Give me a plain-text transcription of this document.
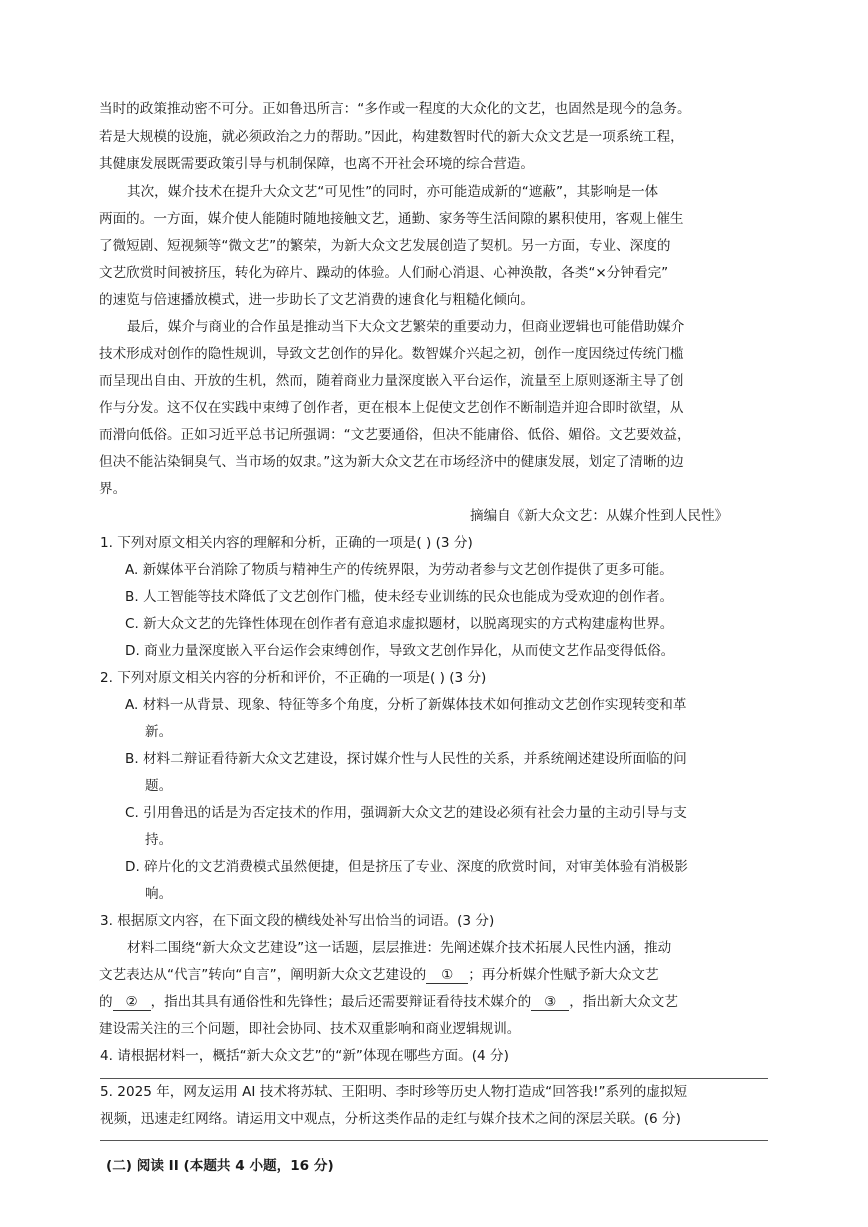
当时的政策推动密不可分。正如鲁迅所言：“多作或一程度的大众化的文艺，也固然是现今的急务。
若是大规模的设施，就必须政治之力的帮助。”因此，构建数智时代的新大众文艺是一项系统工程，
其健康发展既需要政策引导与机制保障，也离不开社会环境的综合营造。
其次，媒介技术在提升大众文艺“可见性”的同时，亦可能造成新的“遮蔽”，其影响是一体
两面的。一方面，媒介使人能随时随地接触文艺，通勤、家务等生活间隙的累积使用，客观上催生
了微短剧、短视频等“微文艺”的繁荣，为新大众文艺发展创造了契机。另一方面，专业、深度的
文艺欣赏时间被挤压，转化为碎片、躁动的体验。人们耐心消退、心神涣散，各类“×分钟看完”
的速览与倍速播放模式，进一步助长了文艺消费的速食化与粗糙化倾向。
最后，媒介与商业的合作虽是推动当下大众文艺繁荣的重要动力，但商业逻辑也可能借助媒介
技术形成对创作的隐性规训，导致文艺创作的异化。数智媒介兴起之初，创作一度因绕过传统门槛
而呈现出自由、开放的生机，然而，随着商业力量深度嵌入平台运作，流量至上原则逐渐主导了创
作与分发。这不仅在实践中束缚了创作者，更在根本上促使文艺创作不断制造并迎合即时欲望，从
而滑向低俗。正如习近平总书记所强调：“文艺要通俗，但决不能庸俗、低俗、媚俗。文艺要效益，
但决不能沾染铜臭气、当市场的奴隶。”这为新大众文艺在市场经济中的健康发展，划定了清晰的边
界。
摘编自《新大众文艺：从媒介性到人民性》
1. 下列对原文相关内容的理解和分析，正确的一项是( ) (3 分)
A. 新媒体平台消除了物质与精神生产的传统界限，为劳动者参与文艺创作提供了更多可能。
B. 人工智能等技术降低了文艺创作门槛，使未经专业训练的民众也能成为受欢迎的创作者。
C. 新大众文艺的先锋性体现在创作者有意追求虚拟题材，以脱离现实的方式构建虚构世界。
D. 商业力量深度嵌入平台运作会束缚创作，导致文艺创作异化，从而使文艺作品变得低俗。
2. 下列对原文相关内容的分析和评价，不正确的一项是( ) (3 分)
A. 材料一从背景、现象、特征等多个角度，分析了新媒体技术如何推动文艺创作实现转变和革
新。
B. 材料二辩证看待新大众文艺建设，探讨媒介性与人民性的关系，并系统阐述建设所面临的问
题。
C. 引用鲁迅的话是为否定技术的作用，强调新大众文艺的建设必须有社会力量的主动引导与支
持。
D. 碎片化的文艺消费模式虽然便捷，但是挤压了专业、深度的欣赏时间，对审美体验有消极影
响。
3. 根据原文内容，在下面文段的横线处补写出恰当的词语。(3 分)
材料二围绕“新大众文艺建设”这一话题，层层推进：先阐述媒介技术拓展人民性内涵，推动
文艺表达从“代言”转向“自言”，阐明新大众文艺建设的 ① ；再分析媒介性赋予新大众文艺
的 ② ，指出其具有通俗性和先锋性；最后还需要辩证看待技术媒介的 ③ ，指出新大众文艺
建设需关注的三个问题，即社会协同、技术双重影响和商业逻辑规训。
4. 请根据材料一，概括“新大众文艺”的“新”体现在哪些方面。(4 分)
5. 2025 年，网友运用 AI 技术将苏轼、王阳明、李时珍等历史人物打造成“回答我!”系列的虚拟短
视频，迅速走红网络。请运用文中观点，分析这类作品的走红与媒介技术之间的深层关联。(6 分)
(二) 阅读 II (本题共 4 小题，16 分)
